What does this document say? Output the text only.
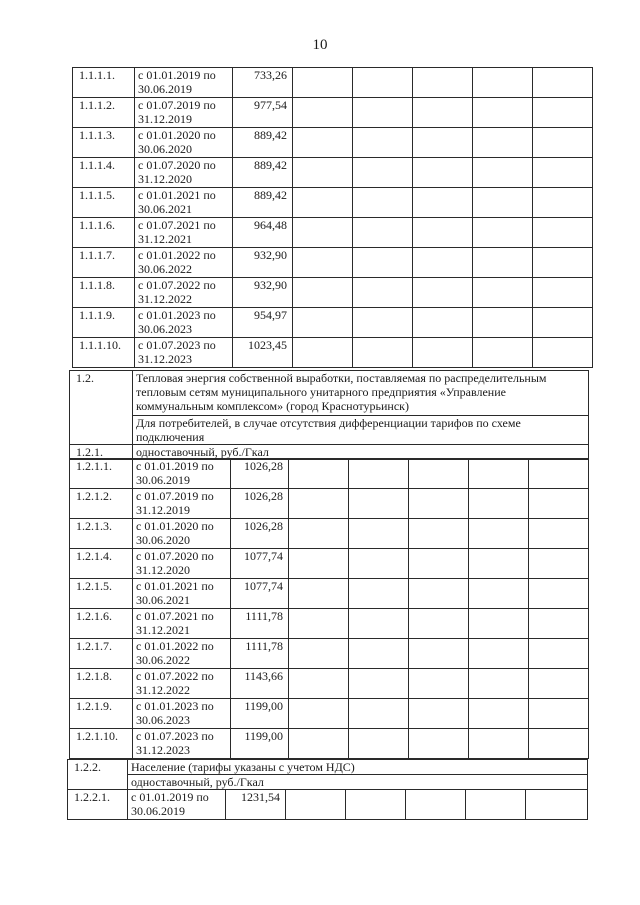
10
1.1.1.1.	с 01.01.2019 по 30.06.2019	733,26					
1.1.1.2.	с 01.07.2019 по 31.12.2019	977,54					
1.1.1.3.	с 01.01.2020 по 30.06.2020	889,42					
1.1.1.4.	с 01.07.2020 по 31.12.2020	889,42					
1.1.1.5.	с 01.01.2021 по 30.06.2021	889,42					
1.1.1.6.	с 01.07.2021 по 31.12.2021	964,48					
1.1.1.7.	с 01.01.2022 по 30.06.2022	932,90					
1.1.1.8.	с 01.07.2022 по 31.12.2022	932,90					
1.1.1.9.	с 01.01.2023 по 30.06.2023	954,97					
1.1.1.10.	с 01.07.2023 по 31.12.2023	1023,45					
1.2.	Тепловая энергия собственной выработки, поставляемая по распределительным тепловым сетям муниципального унитарного предприятия «Управление коммунальным комплексом» (город Краснотурьинск)
	Для потребителей, в случае отсутствия дифференциации тарифов по схеме подключения
1.2.1.	одноставочный, руб./Гкал
1.2.1.1.	с 01.01.2019 по 30.06.2019	1026,28					
1.2.1.2.	с 01.07.2019 по 31.12.2019	1026,28					
1.2.1.3.	с 01.01.2020 по 30.06.2020	1026,28					
1.2.1.4.	с 01.07.2020 по 31.12.2020	1077,74					
1.2.1.5.	с 01.01.2021 по 30.06.2021	1077,74					
1.2.1.6.	с 01.07.2021 по 31.12.2021	1111,78					
1.2.1.7.	с 01.01.2022 по 30.06.2022	1111,78					
1.2.1.8.	с 01.07.2022 по 31.12.2022	1143,66					
1.2.1.9.	с 01.01.2023 по 30.06.2023	1199,00					
1.2.1.10.	с 01.07.2023 по 31.12.2023	1199,00					
1.2.2.	Население (тарифы указаны с учетом НДС)
одноставочный, руб./Гкал
1.2.2.1.	с 01.01.2019 по 30.06.2019	1231,54					
